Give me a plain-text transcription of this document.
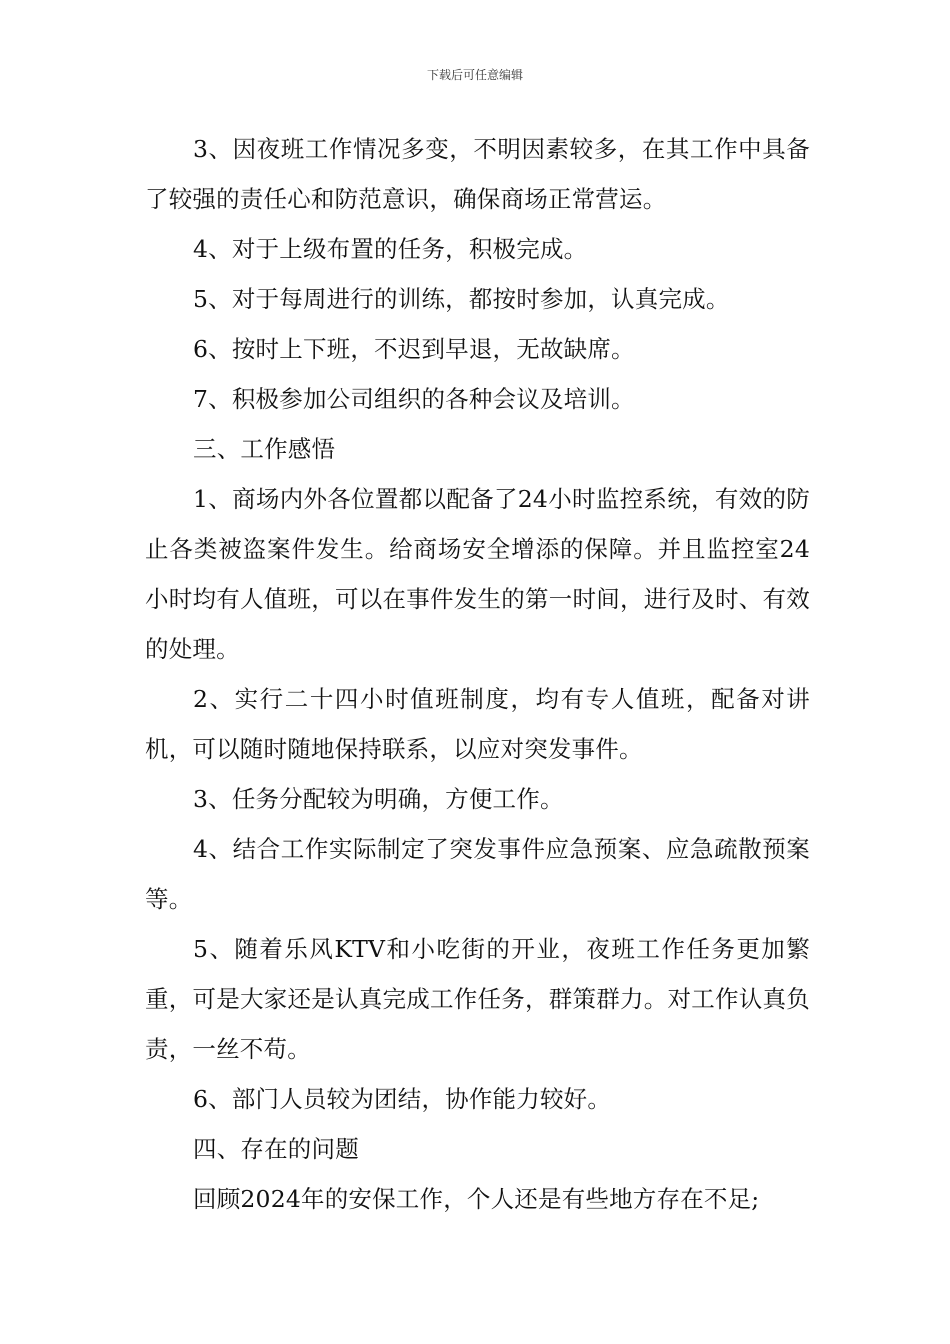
下载后可任意编辑

3、因夜班工作情况多变，不明因素较多，在其工作中具备了较强的责任心和防范意识，确保商场正常营运。

4、对于上级布置的任务，积极完成。

5、对于每周进行的训练，都按时参加，认真完成。

6、按时上下班，不迟到早退，无故缺席。

7、积极参加公司组织的各种会议及培训。

三、工作感悟

1、商场内外各位置都以配备了24小时监控系统，有效的防止各类被盗案件发生。给商场安全增添的保障。并且监控室24小时均有人值班，可以在事件发生的第一时间，进行及时、有效的处理。

2、实行二十四小时值班制度，均有专人值班，配备对讲机，可以随时随地保持联系，以应对突发事件。

3、任务分配较为明确，方便工作。

4、结合工作实际制定了突发事件应急预案、应急疏散预案等。

5、随着乐风KTV和小吃街的开业，夜班工作任务更加繁重，可是大家还是认真完成工作任务，群策群力。对工作认真负责，一丝不苟。

6、部门人员较为团结，协作能力较好。

四、存在的问题

回顾2024年的安保工作，个人还是有些地方存在不足;
